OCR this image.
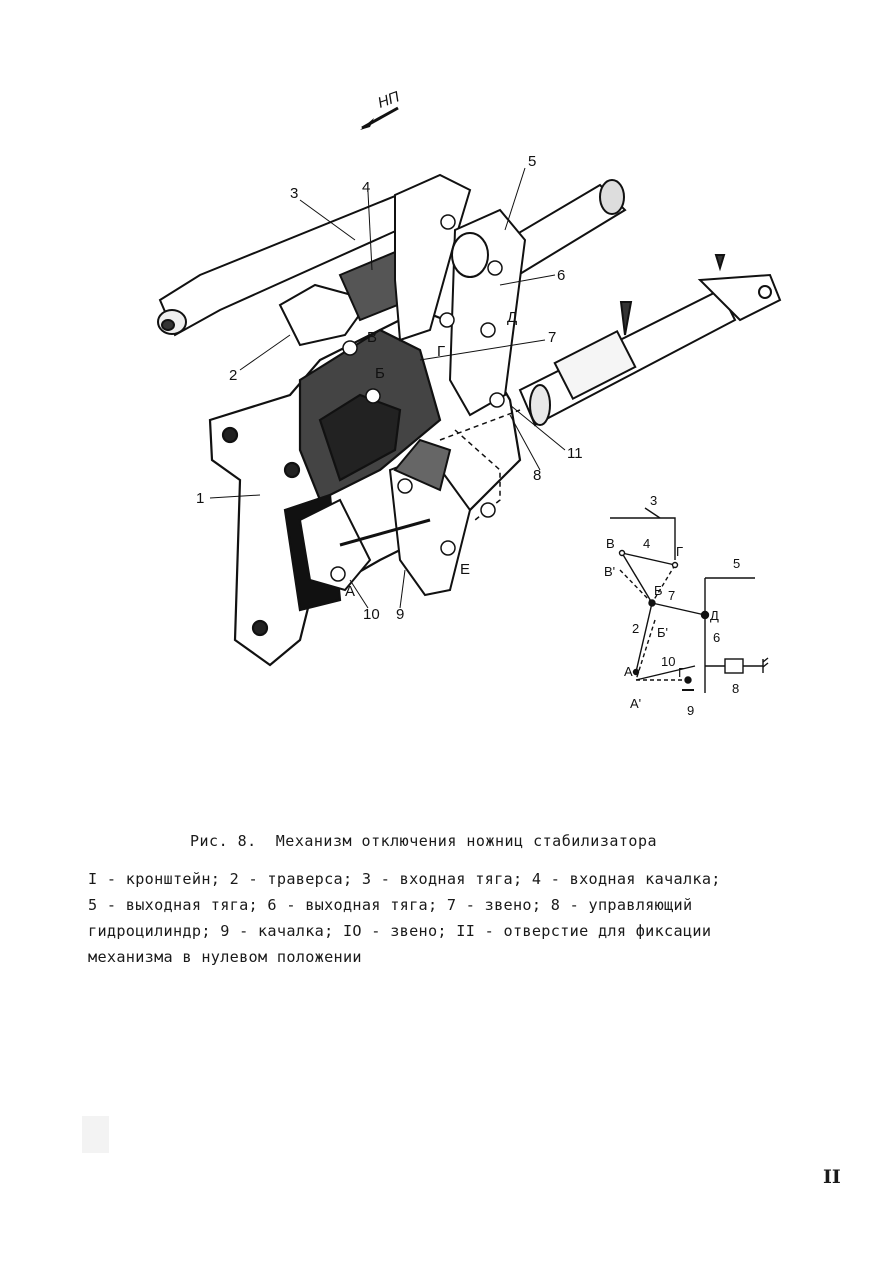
НП
3	4
5
6
7
2
1
8
11
10 9
В
Б
Г
Д
А
Е
3
4
5
7
2
6
10
8
9
В
В'
Г
Б
Б'
Д
А
А'
Г
Рис. 8.  Механизм отключения ножниц стабилизатора
I - кронштейн; 2 - траверса; 3 - входная тяга; 4 - входная качалка;
5 - выходная тяга; 6 - выходная тяга; 7 - звено; 8 - управляющий
гидроцилиндр; 9 - качалка; IO - звено; II - отверстие для фиксации
механизма в нулевом положении
II
